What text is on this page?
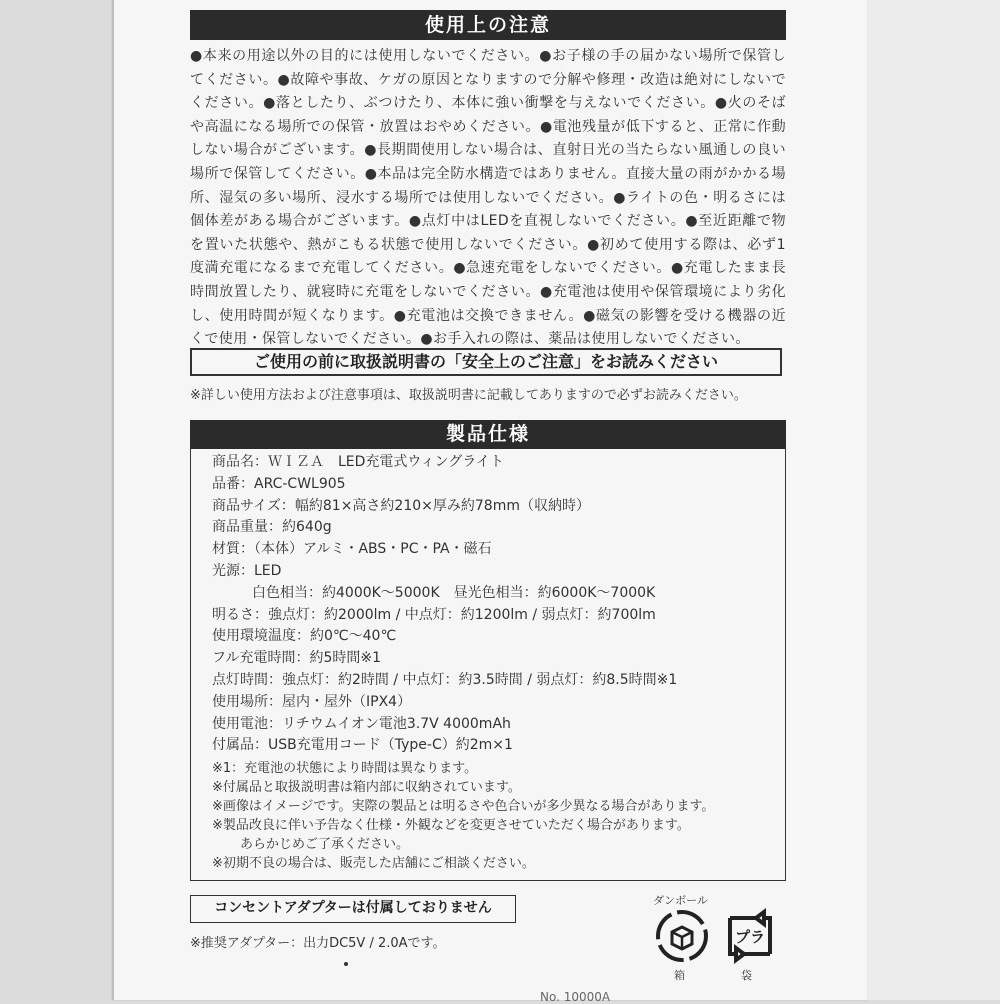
使用上の注意
●本来の用途以外の目的には使用しないでください。●お子様の手の届かない場所で保管してください。●故障や事故、ケガの原因となりますので分解や修理・改造は絶対にしないでください。●落としたり、ぶつけたり、本体に強い衝撃を与えないでください。●火のそばや高温になる場所での保管・放置はおやめください。●電池残量が低下すると、正常に作動しない場合がございます。●長期間使用しない場合は、直射日光の当たらない風通しの良い場所で保管してください。●本品は完全防水構造ではありません。直接大量の雨がかかる場所、湿気の多い場所、浸水する場所では使用しないでください。●ライトの色・明るさには個体差がある場合がございます。●点灯中はLEDを直視しないでください。●至近距離で物を置いた状態や、熱がこもる状態で使用しないでください。●初めて使用する際は、必ず1度満充電になるまで充電してください。●急速充電をしないでください。●充電したまま長時間放置したり、就寝時に充電をしないでください。●充電池は使用や保管環境により劣化し、使用時間が短くなります。●充電池は交換できません。●磁気の影響を受ける機器の近くで使用・保管しないでください。●お手入れの際は、薬品は使用しないでください。
ご使用の前に取扱説明書の「安全上のご注意」をお読みください
※詳しい使用方法および注意事項は、取扱説明書に記載してありますので必ずお読みください。
製品仕様
商品名：ＷＩＺＡ　LED充電式ウィングライト
品番：ARC-CWL905
商品サイズ：幅約81×高さ約210×厚み約78mm（収納時）
商品重量：約640g
材質：（本体）アルミ・ABS・PC・PA・磁石
光源：LED
白色相当：約4000K～5000K　昼光色相当：約6000K～7000K
明るさ：強点灯：約2000lm / 中点灯：約1200lm / 弱点灯：約700lm
使用環境温度：約0℃～40℃
フル充電時間：約5時間※1
点灯時間：強点灯：約2時間 / 中点灯：約3.5時間 / 弱点灯：約8.5時間※1
使用場所：屋内・屋外（IPX4）
使用電池：リチウムイオン電池3.7V 4000mAh
付属品：USB充電用コード（Type-C）約2m×1
※1：充電池の状態により時間は異なります。
※付属品と取扱説明書は箱内部に収納されています。
※画像はイメージです。実際の製品とは明るさや色合いが多少異なる場合があります。
※製品改良に伴い予告なく仕様・外観などを変更させていただく場合があります。
あらかじめご了承ください。
※初期不良の場合は、販売した店舗にご相談ください。
コンセントアダプターは付属しておりません
※推奨アダプター：出力DC5V / 2.0Aです。
ダンボール
箱
プラ
袋
No. 10000A
